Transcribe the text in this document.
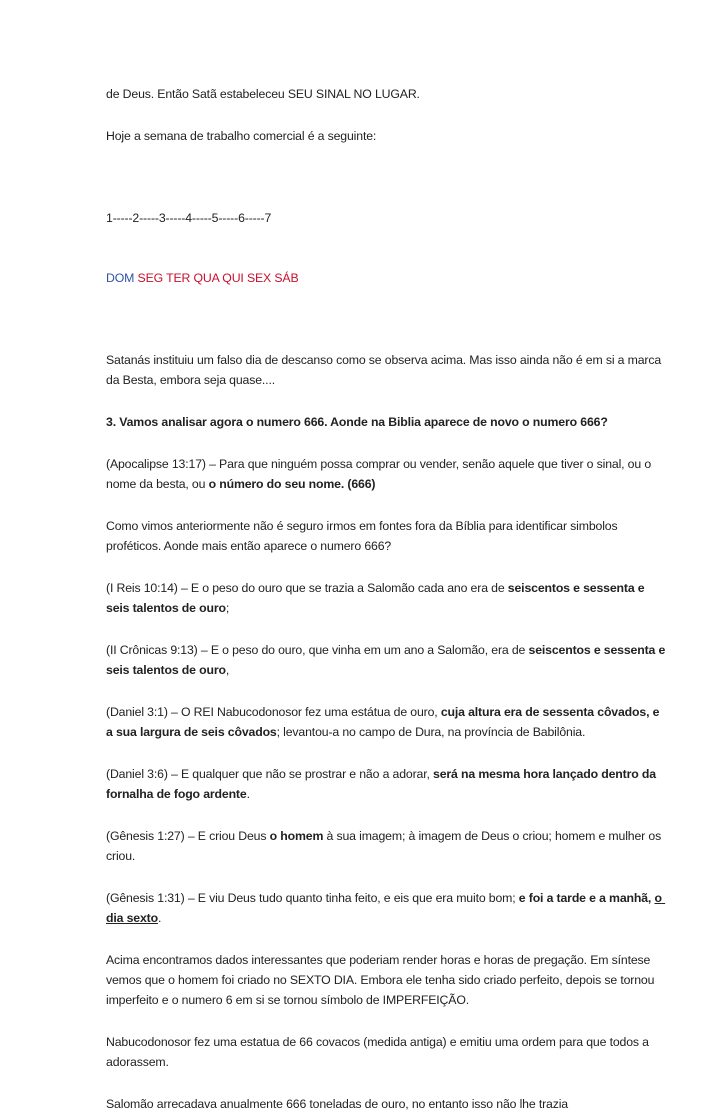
de Deus. Então Satã estabeleceu SEU SINAL NO LUGAR.

Hoje a semana de trabalho comercial é a seguinte:

1-----2-----3-----4-----5-----6-----7

DOM SEG TER QUA QUI SEX SÁB

Satanás instituiu um falso dia de descanso como se observa acima. Mas isso ainda não é em si a marca da Besta, embora seja quase....

3. Vamos analisar agora o numero 666. Aonde na Biblia aparece de novo o numero 666?

(Apocalipse 13:17) – Para que ninguém possa comprar ou vender, senão aquele que tiver o sinal, ou o nome da besta, ou o número do seu nome. (666)

Como vimos anteriormente não é seguro irmos em fontes fora da Bíblia para identificar simbolos proféticos. Aonde mais então aparece o numero 666?

(I Reis 10:14) – E o peso do ouro que se trazia a Salomão cada ano era de seiscentos e sessenta e seis talentos de ouro;

(II Crônicas 9:13) – E o peso do ouro, que vinha em um ano a Salomão, era de seiscentos e sessenta e seis talentos de ouro,

(Daniel 3:1) – O REI Nabucodonosor fez uma estátua de ouro, cuja altura era de sessenta côvados, e a sua largura de seis côvados; levantou-a no campo de Dura, na província de Babilônia.

(Daniel 3:6) – E qualquer que não se prostrar e não a adorar, será na mesma hora lançado dentro da fornalha de fogo ardente.

(Gênesis 1:27) – E criou Deus o homem à sua imagem; à imagem de Deus o criou; homem e mulher os criou.

(Gênesis 1:31) – E viu Deus tudo quanto tinha feito, e eis que era muito bom; e foi a tarde e a manhã, o dia sexto.

Acima encontramos dados interessantes que poderiam render horas e horas de pregação. Em síntese vemos que o homem foi criado no SEXTO DIA. Embora ele tenha sido criado perfeito, depois se tornou imperfeito e o numero 6 em si se tornou símbolo de IMPERFEIÇÃO.

Nabucodonosor fez uma estatua de 66 covacos (medida antiga) e emitiu uma ordem para que todos a adorassem.

Salomão arrecadava anualmente 666 toneladas de ouro, no entanto isso não lhe trazia
